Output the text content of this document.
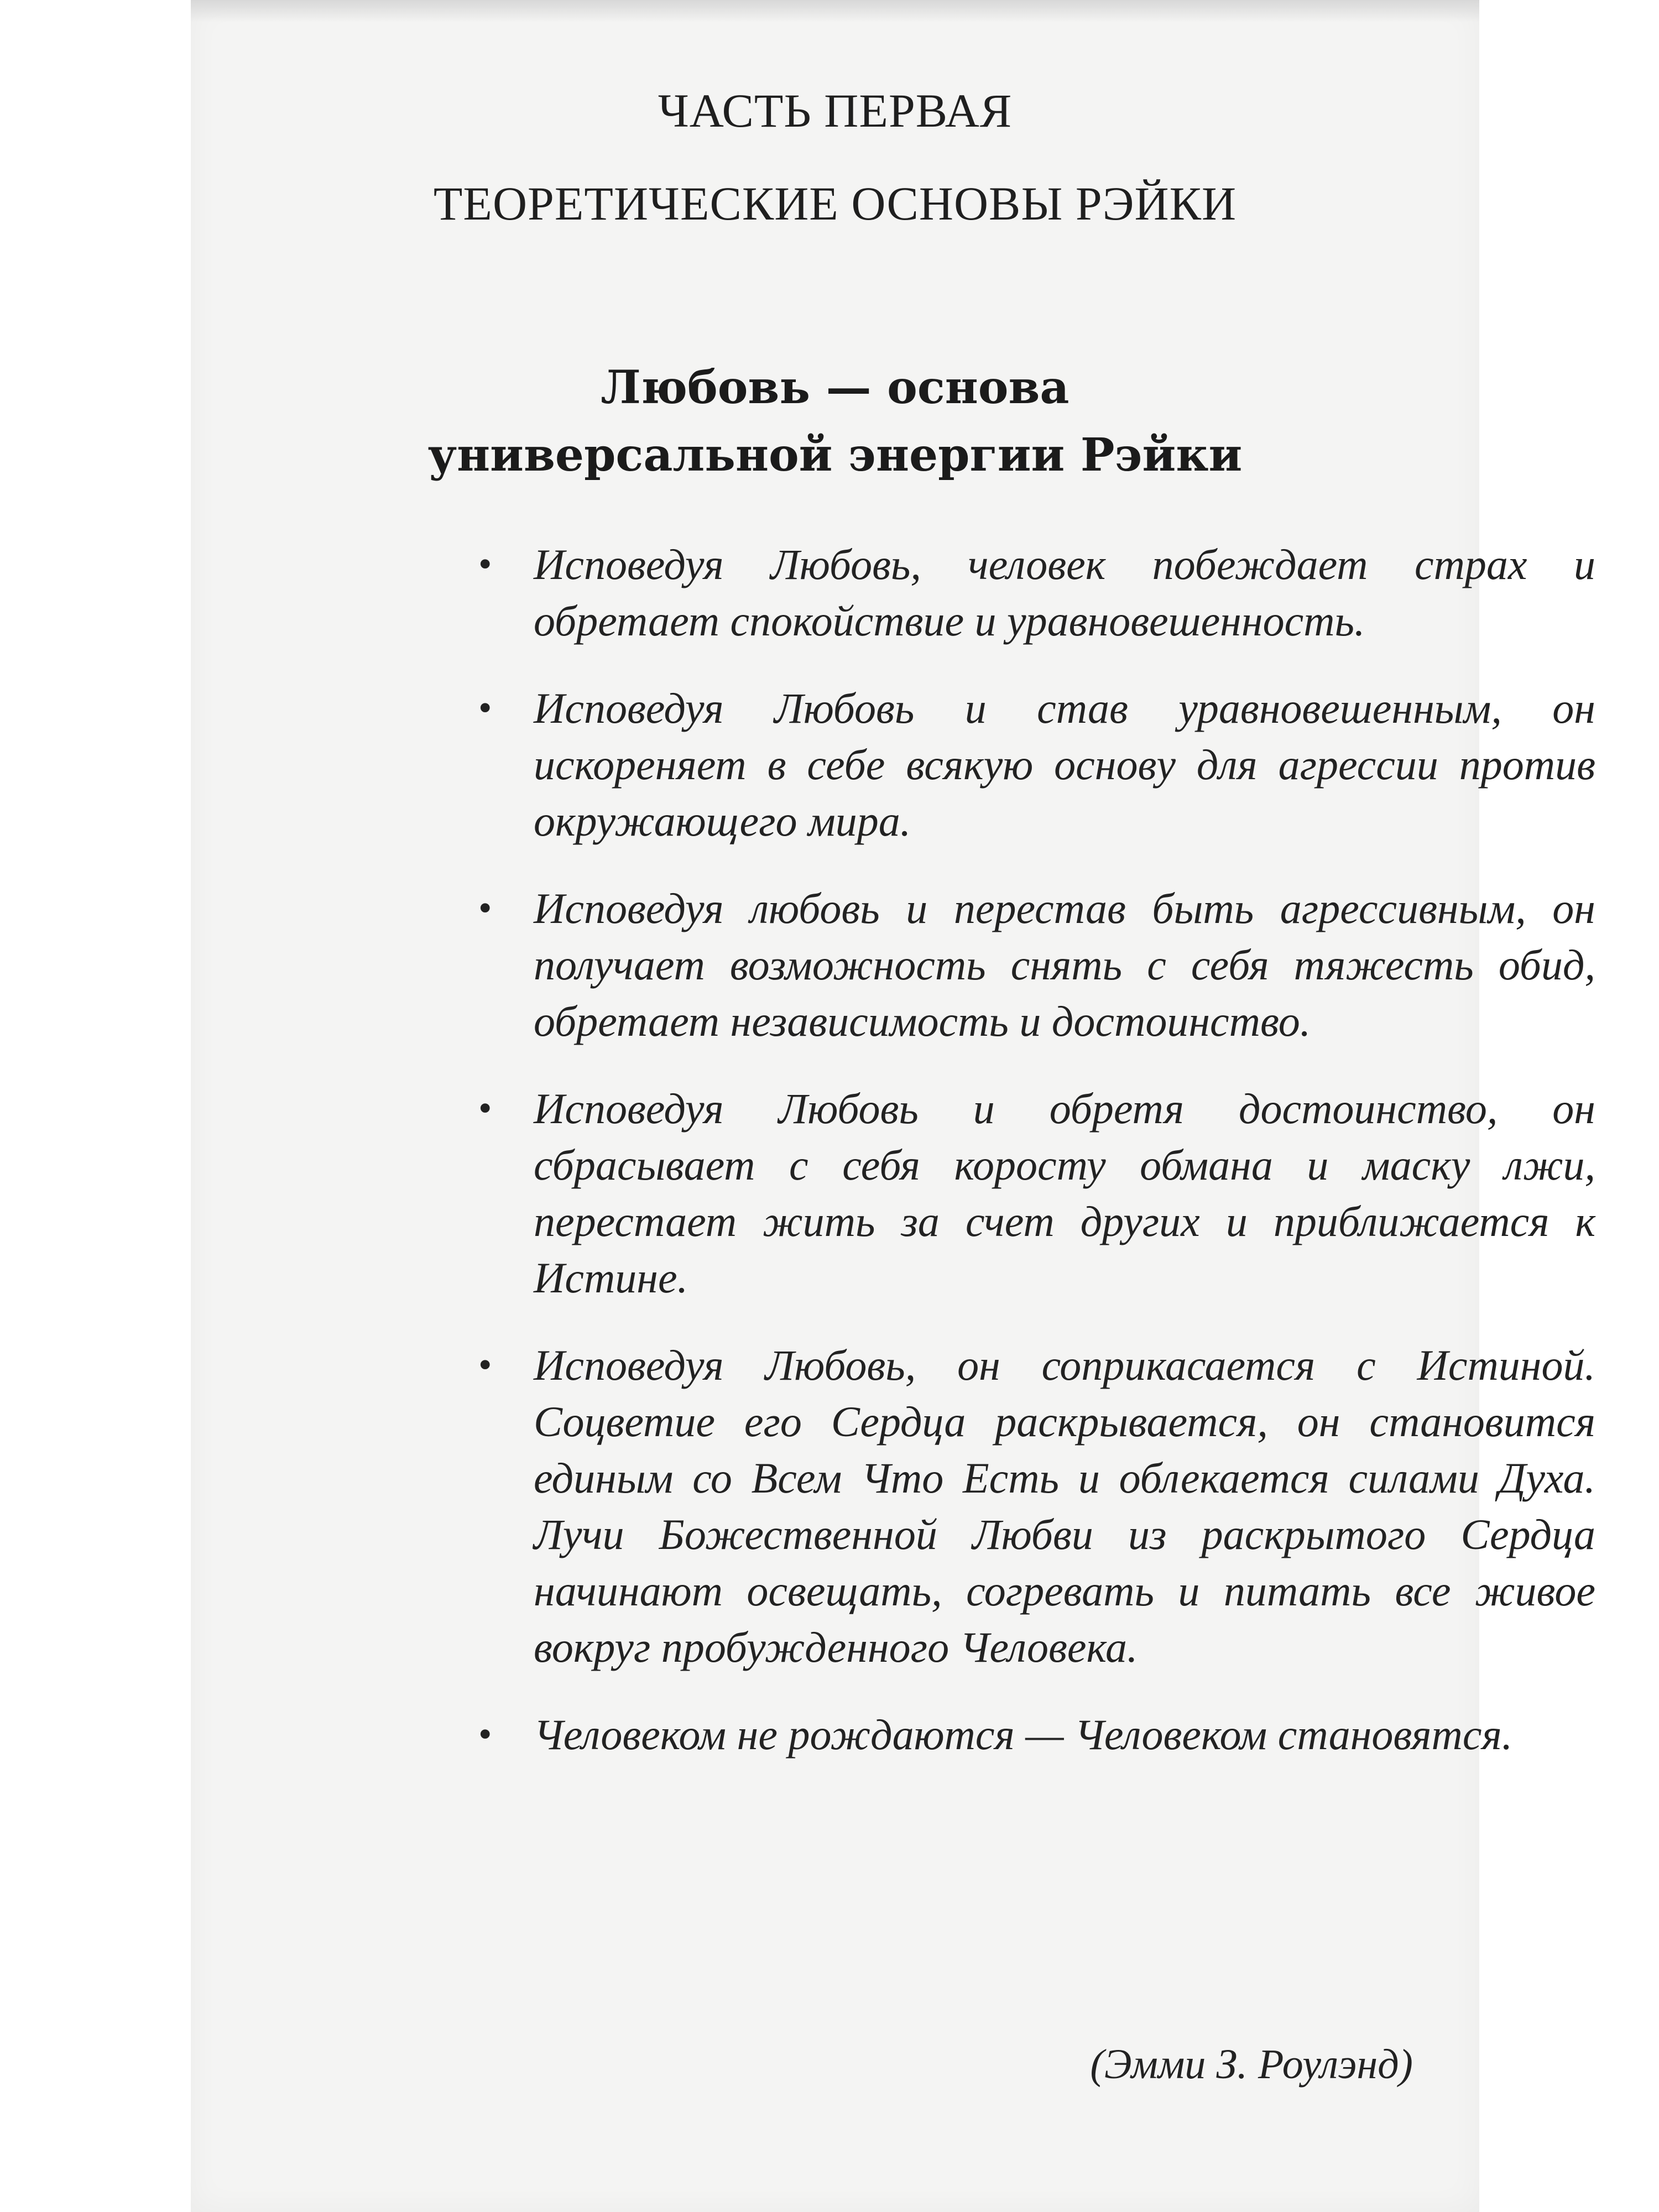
ЧАСТЬ ПЕРВАЯ
ТЕОРЕТИЧЕСКИЕ ОСНОВЫ РЭЙКИ
Любовь — основа
универсальной энергии Рэйки
• Исповедуя Любовь, человек побеждает страх и обретает спокойствие и уравновешенность.
• Исповедуя Любовь и став уравновешенным, он искореняет в себе всякую основу для агрессии против окружающего мира.
• Исповедуя любовь и перестав быть агрессивным, он получает возможность снять с себя тяжесть обид, обретает независимость и достоинство.
• Исповедуя Любовь и обретя достоинство, он сбрасывает с себя коросту обмана и маску лжи, перестает жить за счет других и приближается к Истине.
• Исповедуя Любовь, он соприкасается с Истиной. Соцветие его Сердца раскрывается, он становится единым со Всем Что Есть и облекается силами Духа. Лучи Божественной Любви из раскрытого Сердца начинают освещать, согревать и питать все живое вокруг пробужденного Человека.
• Человеком не рождаются — Человеком становятся.
(Эмми З. Роулэнд)
